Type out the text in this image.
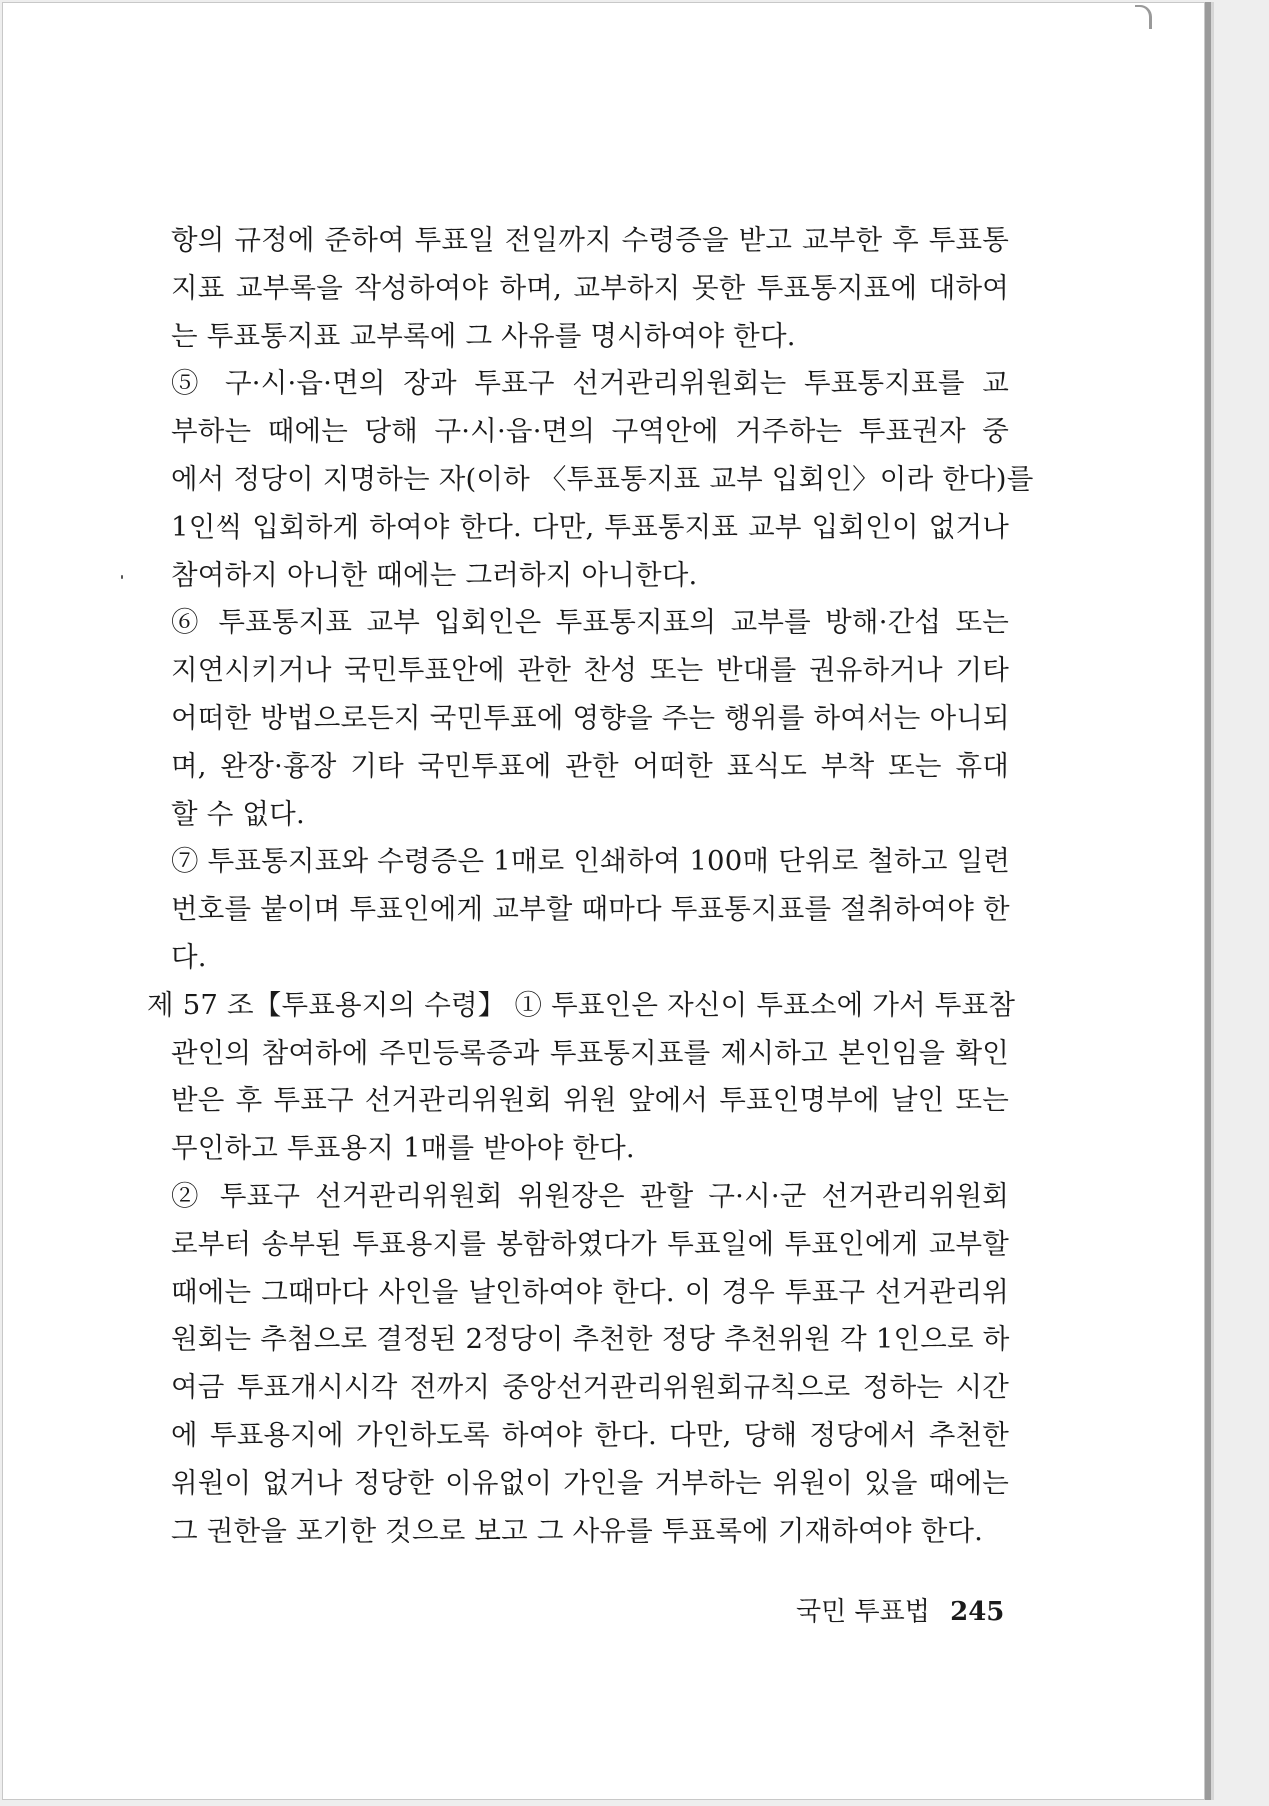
항의 규정에 준하여 투표일 전일까지 수령증을 받고 교부한 후 투표통
지표 교부록을 작성하여야 하며, 교부하지 못한 투표통지표에 대하여
는 투표통지표 교부록에 그 사유를 명시하여야 한다.
⑤ 구·시·읍·면의 장과 투표구 선거관리위원회는 투표통지표를 교
부하는 때에는 당해 구·시·읍·면의 구역안에 거주하는 투표권자 중
에서 정당이 지명하는 자(이하 〈투표통지표 교부 입회인〉이라 한다)를
1인씩 입회하게 하여야 한다. 다만, 투표통지표 교부 입회인이 없거나
참여하지 아니한 때에는 그러하지 아니한다.
⑥ 투표통지표 교부 입회인은 투표통지표의 교부를 방해·간섭 또는
지연시키거나 국민투표안에 관한 찬성 또는 반대를 권유하거나 기타
어떠한 방법으로든지 국민투표에 영향을 주는 행위를 하여서는 아니되
며, 완장·흉장 기타 국민투표에 관한 어떠한 표식도 부착 또는 휴대
할 수 없다.
⑦ 투표통지표와 수령증은 1매로 인쇄하여 100매 단위로 철하고 일련
번호를 붙이며 투표인에게 교부할 때마다 투표통지표를 절취하여야 한
다.
제 57 조【투표용지의 수령】 ① 투표인은 자신이 투표소에 가서 투표참
관인의 참여하에 주민등록증과 투표통지표를 제시하고 본인임을 확인
받은 후 투표구 선거관리위원회 위원 앞에서 투표인명부에 날인 또는
무인하고 투표용지 1매를 받아야 한다.
② 투표구 선거관리위원회 위원장은 관할 구·시·군 선거관리위원회
로부터 송부된 투표용지를 봉함하였다가 투표일에 투표인에게 교부할
때에는 그때마다 사인을 날인하여야 한다. 이 경우 투표구 선거관리위
원회는 추첨으로 결정된 2정당이 추천한 정당 추천위원 각 1인으로 하
여금 투표개시시각 전까지 중앙선거관리위원회규칙으로 정하는 시간
에 투표용지에 가인하도록 하여야 한다. 다만, 당해 정당에서 추천한
위원이 없거나 정당한 이유없이 가인을 거부하는 위원이 있을 때에는
그 권한을 포기한 것으로 보고 그 사유를 투표록에 기재하여야 한다.
국민 투표법 245
